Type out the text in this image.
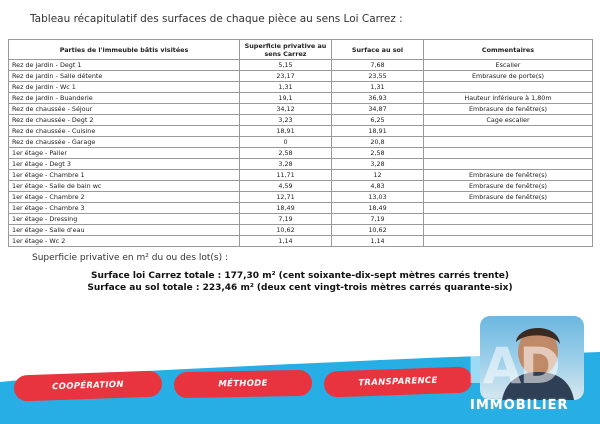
Tableau récapitulatif des surfaces de chaque pièce au sens Loi Carrez :
Parties de l'immeuble bâtis visitées	Superficie privative au sens Carrez	Surface au sol	Commentaires
Rez de jardin - Degt 1	5,15	7,68	Escalier
Rez de jardin - Salle détente	23,17	23,55	Embrasure de porte(s)
Rez de jardin - Wc 1	1,31	1,31	
Rez de jardin - Buanderie	19,1	36,93	Hauteur inférieure à 1,80m
Rez de chaussée - Séjour	34,12	34,87	Embrasure de fenêtre(s)
Rez de chaussée - Degt 2	3,23	6,25	Cage escalier
Rez de chaussée - Cuisine	18,91	18,91	
Rez de chaussée - Garage	0	20,8	
1er étage - Palier	2,58	2,58	
1er étage - Degt 3	3,28	3,28	
1er étage - Chambre 1	11,71	12	Embrasure de fenêtre(s)
1er étage - Salle de bain wc	4,59	4,83	Embrasure de fenêtre(s)
1er étage - Chambre 2	12,71	13,03	Embrasure de fenêtre(s)
1er étage - Chambre 3	18,49	18,49	
1er étage - Dressing	7,19	7,19	
1er étage - Salle d'eau	10,62	10,62	
1er étage - Wc 2	1,14	1,14	
Superficie privative en m² du ou des lot(s) :
Surface loi Carrez totale : 177,30 m² (cent soixante-dix-sept mètres carrés trente)
Surface au sol totale : 223,46 m² (deux cent vingt-trois mètres carrés quarante-six)
COOPÉRATION	MÉTHODE	TRANSPARENCE IAD
IMMOBILIER
